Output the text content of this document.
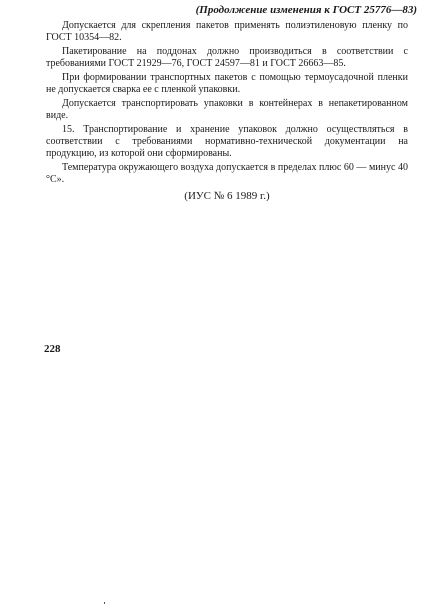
(Продолжение изменения к ГОСТ 25776—83)

Допускается для скрепления пакетов применять полиэтиленовую пленку по ГОСТ 10354—82.

Пакетирование на поддонах должно производиться в соответствии с требованиями ГОСТ 21929—76, ГОСТ 24597—81 и ГОСТ 26663—85.

При формировании транспортных пакетов с помощью термоусадочной пленки не допускается сварка ее с пленкой упаковки.

Допускается транспортировать упаковки в контейнерах в непакетированном виде.

15. Транспортирование и хранение упаковок должно осуществляться в соответствии с требованиями нормативно-технической документации на продукцию, из которой они сформированы.

Температура окружающего воздуха допускается в пределах плюс 60 — минус 40 °С».

(ИУС № 6 1989 г.)
228
